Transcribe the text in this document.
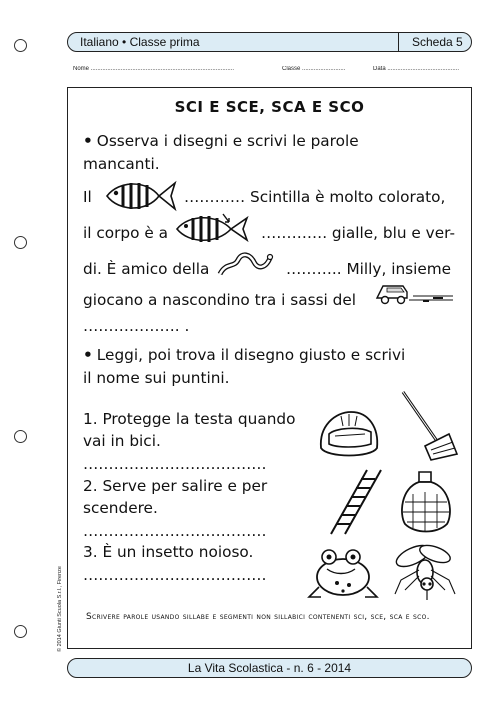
Italiano • Classe prima	Scheda 5
Nome ......................................................................................	Classe ..........................	Data ...........................................
SCI E SCE, SCA E SCO
• Osserva i disegni e scrivi le parole
mancanti.
Il	………… Scintilla è molto colorato,
il corpo è a	…………. gialle, blu e ver-
di. È amico della	……….. Milly, insieme
giocano a nascondino tra i sassi del
………………. .
• Leggi, poi trova il disegno giusto e scrivi
il nome sui puntini.
1. Protegge la testa quando
vai in bici.
………………………………
2. Serve per salire e per
scendere.
………………………………
3. È un insetto noioso.
………………………………
Scrivere parole usando sillabe e segmenti non sillabici contenenti sci, sce, sca e sco.
© 2014 Giunti Scuola S.r.l., Firenze
La Vita Scolastica - n. 6 - 2014
